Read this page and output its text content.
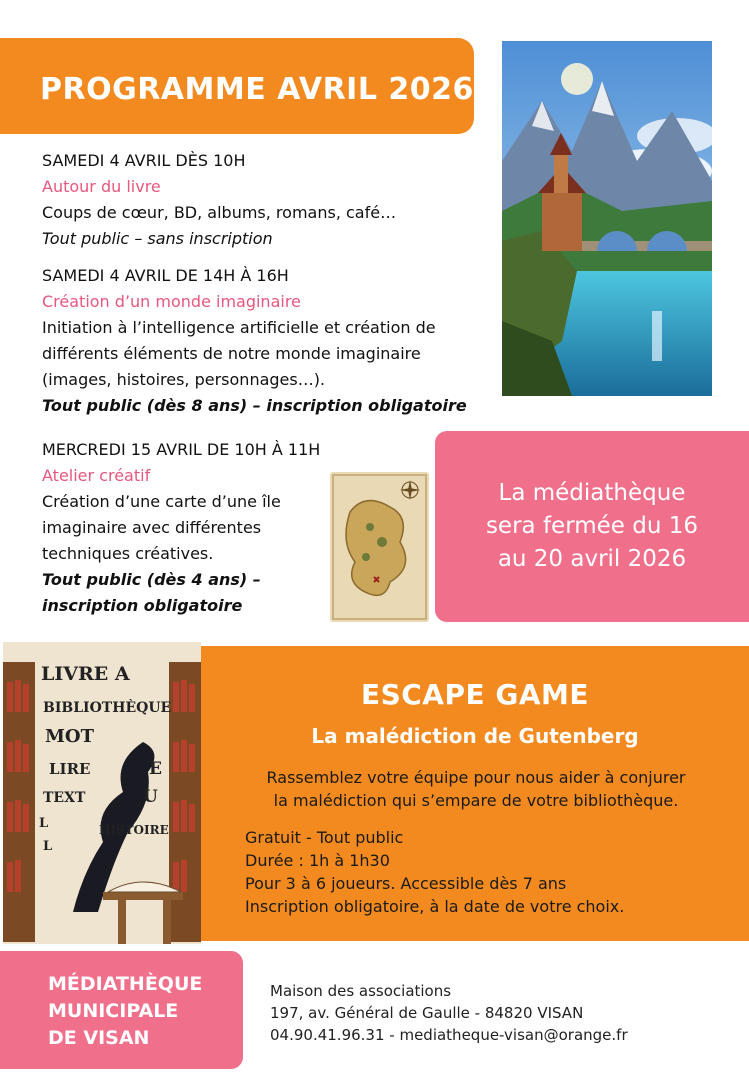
PROGRAMME AVRIL 2026
SAMEDI 4 AVRIL DÈS 10H
Autour du livre
Coups de cœur, BD, albums, romans, café…
Tout public – sans inscription
SAMEDI 4 AVRIL DE 14H À 16H
Création d’un monde imaginaire
Initiation à l’intelligence artificielle et création de
différents éléments de notre monde imaginaire
(images, histoires, personnages…).
Tout public (dès 8 ans) – inscription obligatoire
MERCREDI 15 AVRIL DE 10H À 11H
Atelier créatif
Création d’une carte d’une île
imaginaire avec différentes
techniques créatives.
Tout public (dès 4 ans) –
inscription obligatoire
La médiathèque
sera fermée du 16
au 20 avril 2026
LIVRE A
BIBLIOTHÈQUE
MOT
LIRE	E
U
TEXT
L
L
HISTOIRE
ESCAPE GAME
La malédiction de Gutenberg
Rassemblez votre équipe pour nous aider à conjurer
la malédiction qui s’empare de votre bibliothèque.
Gratuit - Tout public
Durée : 1h à 1h30
Pour 3 à 6 joueurs. Accessible dès 7 ans
Inscription obligatoire, à la date de votre choix.
MÉDIATHÈQUE
MUNICIPALE
DE VISAN
Maison des associations
197, av. Général de Gaulle - 84820 VISAN
04.90.41.96.31 - mediatheque-visan@orange.fr
